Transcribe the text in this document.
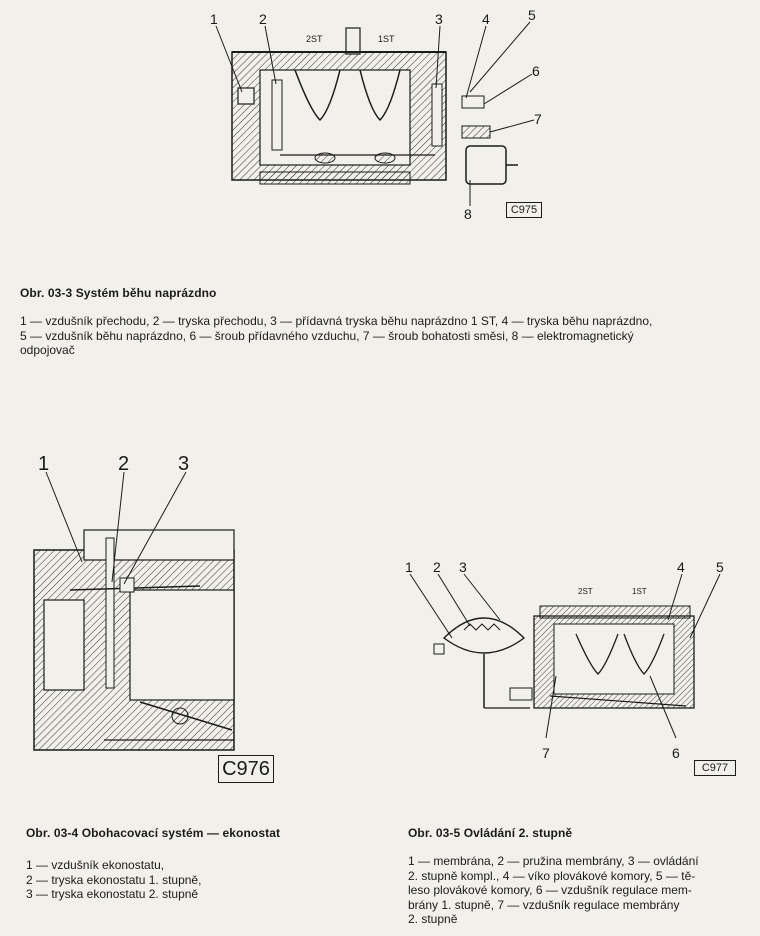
1	2	3	4	5
6
7
8
2ST	1ST
C975
Obr. 03-3 Systém běhu naprázdno
1 — vzdušník přechodu, 2 — tryska přechodu, 3 — přídavná tryska běhu naprázdno 1 ST, 4 — tryska běhu naprázdno,
5 — vzdušník běhu naprázdno, 6 — šroub přídavného vzduchu, 7 — šroub bohatosti směsi, 8 — elektromagnetický
odpojovač
1	2 3
C976
Obr. 03-4 Obohacovací systém — ekonostat
1 — vzdušník ekonostatu,
2 — tryska ekonostatu 1. stupně,
3 — tryska ekonostatu 2. stupně
1 2 3	4 5
6
7
2ST	1ST
C977
Obr. 03-5 Ovládání 2. stupně
1 — membrána, 2 — pružina membrány, 3 — ovládání
2. stupně kompl., 4 — víko plovákové komory, 5 — tě-
leso plovákové komory, 6 — vzdušník regulace mem-
brány 1. stupně, 7 — vzdušník regulace membrány
2. stupně
